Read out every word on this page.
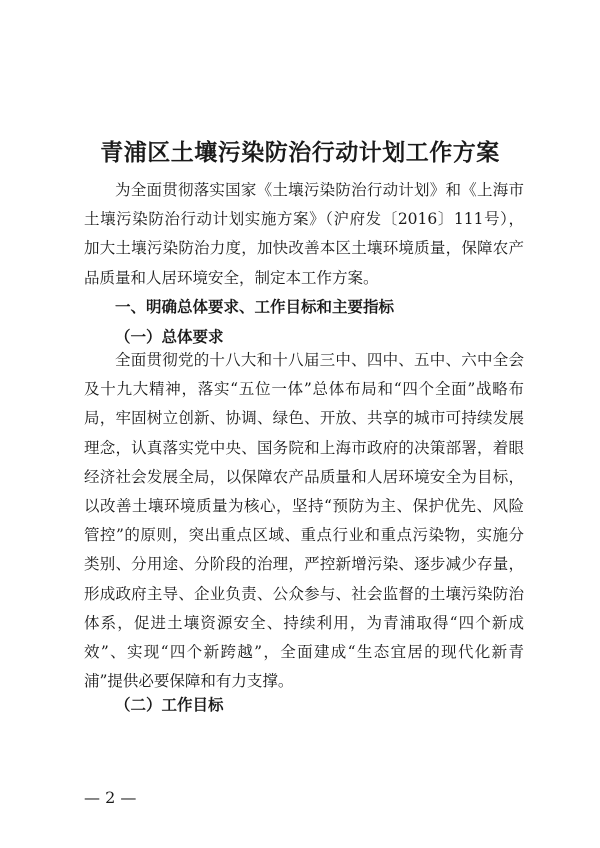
青浦区土壤污染防治行动计划工作方案
为全面贯彻落实国家《土壤污染防治行动计划》和《上海市土壤污染防治行动计划实施方案》（沪府发〔2016〕111号），加大土壤污染防治力度，加快改善本区土壤环境质量，保障农产品质量和人居环境安全，制定本工作方案。
一、明确总体要求、工作目标和主要指标
（一）总体要求
全面贯彻党的十八大和十八届三中、四中、五中、六中全会及十九大精神，落实“五位一体”总体布局和“四个全面”战略布局，牢固树立创新、协调、绿色、开放、共享的城市可持续发展理念，认真落实党中央、国务院和上海市政府的决策部署，着眼经济社会发展全局，以保障农产品质量和人居环境安全为目标，以改善土壤环境质量为核心，坚持“预防为主、保护优先、风险管控”的原则，突出重点区域、重点行业和重点污染物，实施分类别、分用途、分阶段的治理，严控新增污染、逐步减少存量，形成政府主导、企业负责、公众参与、社会监督的土壤污染防治体系，促进土壤资源安全、持续利用，为青浦取得“四个新成效”、实现“四个新跨越”，全面建成“生态宜居的现代化新青浦”提供必要保障和有力支撑。
（二）工作目标
— 2 —
